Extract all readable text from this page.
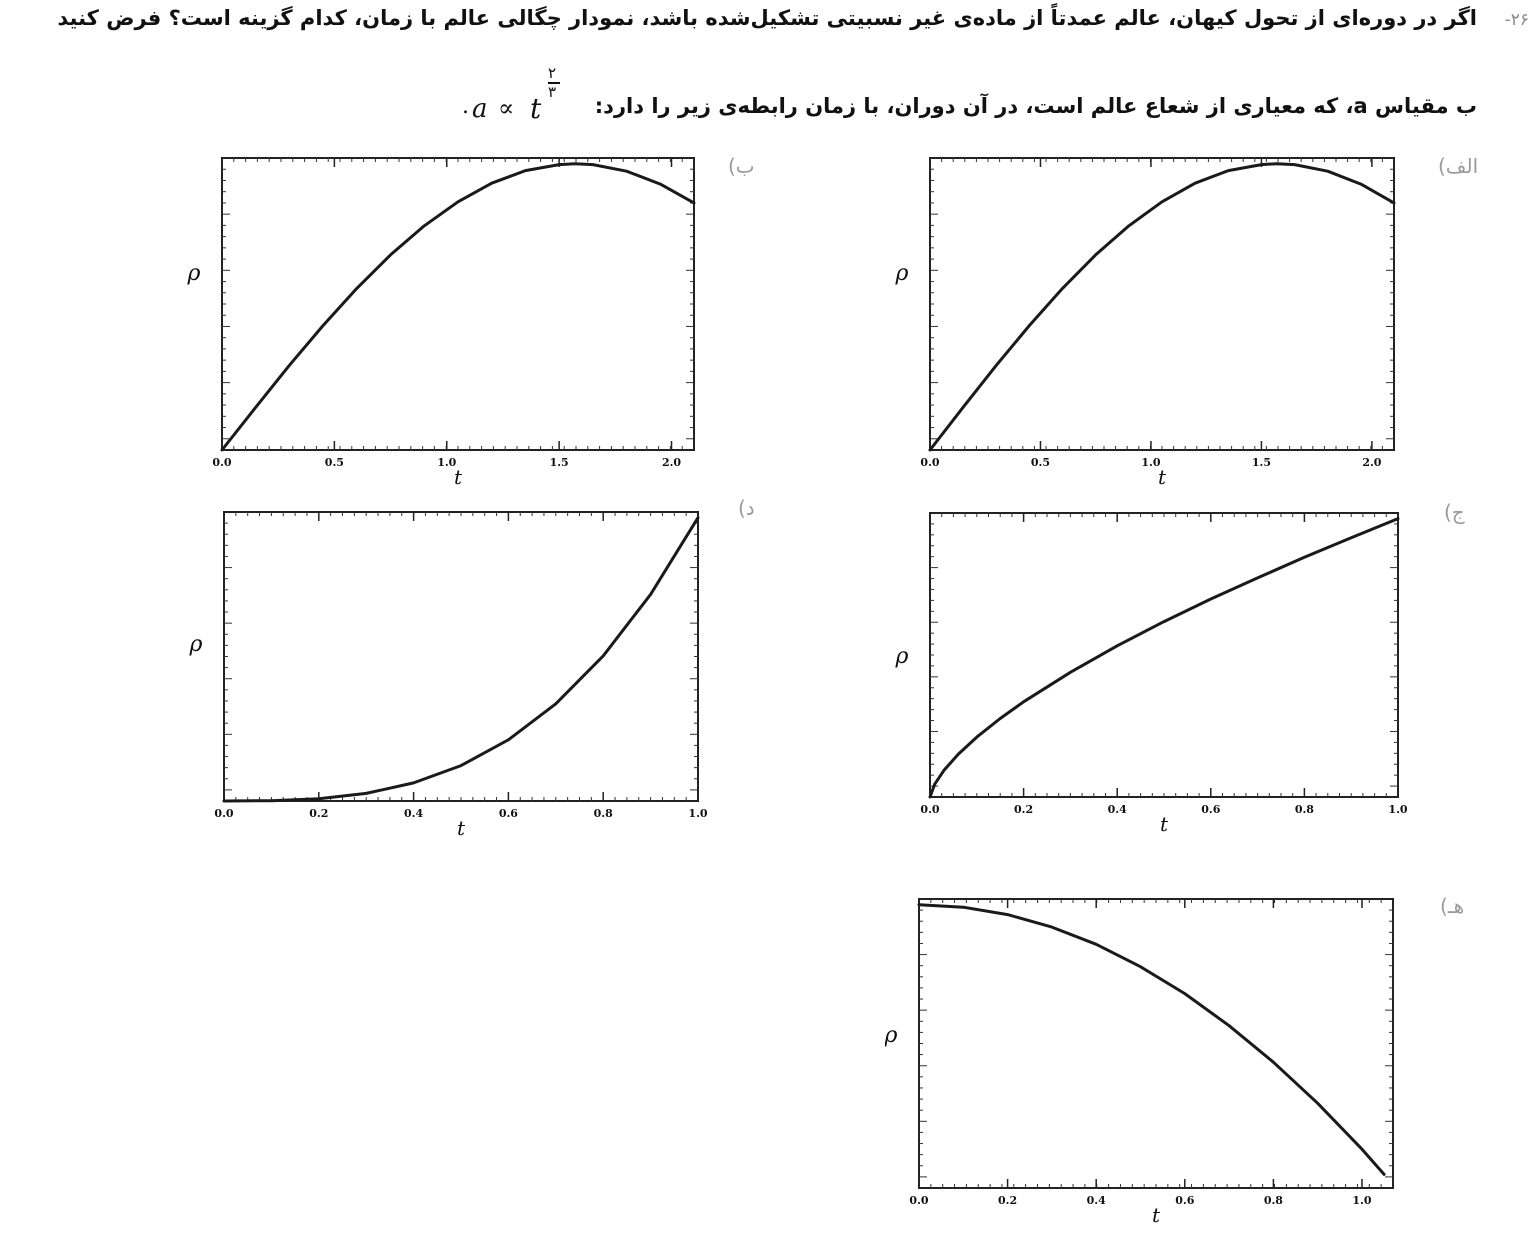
۲۶-
اگر در دوره‌ای از تحول کیهان، عالم عمدتاً از ماده‌ی غیر نسبیتی تشکیل‌شده باشد، نمودار چگالی عالم با زمان، کدام گزینه است؟ فرض کنید
ب مقیاس a، که معیاری از شعاع عالم است، در آن دوران، با زمان رابطه‌ی زیر را دارد:
. a ∝ t
۲
۳
الف)
ب)
ج)
د)
هـ)
0.0	0.5	1.0	1.5	2.0
t
ρ
0.0	0.5	1.0	1.5	2.0
t
ρ
0.0	0.2	0.4	0.6	0.8	1.0
t
ρ
0.0	0.2	0.4	0.6	0.8	1.0
t
ρ
0.0	0.2	0.4	0.6	0.8	1.0
t
ρ
